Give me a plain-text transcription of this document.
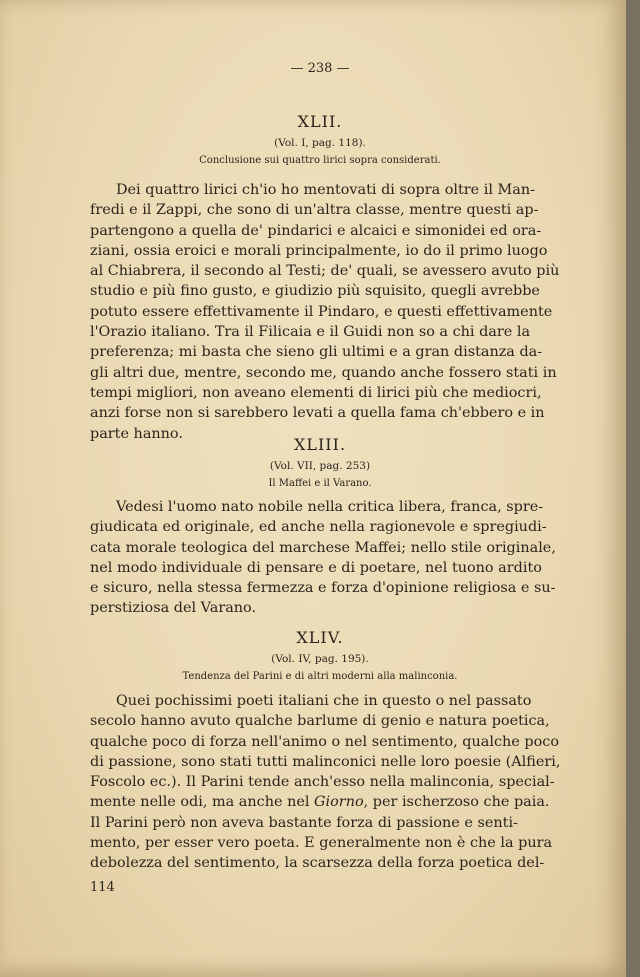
— 238 —
XLII.
(Vol. I, pag. 118).
Conclusione sui quattro lirici sopra considerati.
Dei quattro lirici ch'io ho mentovati di sopra oltre il Man-
fredi e il Zappi, che sono di un'altra classe, mentre questi ap-
partengono a quella de' pindarici e alcaici e simonidei ed ora-
ziani, ossia eroici e morali principalmente, io do il primo luogo
al Chiabrera, il secondo al Testi; de' quali, se avessero avuto più
studio e più fino gusto, e giudizio più squisito, quegli avrebbe
potuto essere effettivamente il Pindaro, e questi effettivamente
l'Orazio italiano. Tra il Filicaia e il Guidi non so a chi dare la
preferenza; mi basta che sieno gli ultimi e a gran distanza da-
gli altri due, mentre, secondo me, quando anche fossero stati in
tempi migliori, non aveano elementi di lirici più che mediocri,
anzi forse non si sarebbero levati a quella fama ch'ebbero e in
parte hanno.
XLIII.
(Vol. VII, pag. 253)
Il Maffei e il Varano.
Vedesi l'uomo nato nobile nella critica libera, franca, spre-
giudicata ed originale, ed anche nella ragionevole e spregiudi-
cata morale teologica del marchese Maffei; nello stile originale,
nel modo individuale di pensare e di poetare, nel tuono ardito
e sicuro, nella stessa fermezza e forza d'opinione religiosa e su-
perstiziosa del Varano.
XLIV.
(Vol. IV, pag. 195).
Tendenza del Parini e di altri moderni alla malinconia.
Quei pochissimi poeti italiani che in questo o nel passato
secolo hanno avuto qualche barlume di genio e natura poetica,
qualche poco di forza nell'animo o nel sentimento, qualche poco
di passione, sono stati tutti malinconici nelle loro poesie (Alfieri,
Foscolo ec.). Il Parini tende anch'esso nella malinconia, special-
mente nelle odi, ma anche nel Giorno, per ischerzoso che paia.
Il Parini però non aveva bastante forza di passione e senti-
mento, per esser vero poeta. E generalmente non è che la pura
debolezza del sentimento, la scarsezza della forza poetica del-
114
